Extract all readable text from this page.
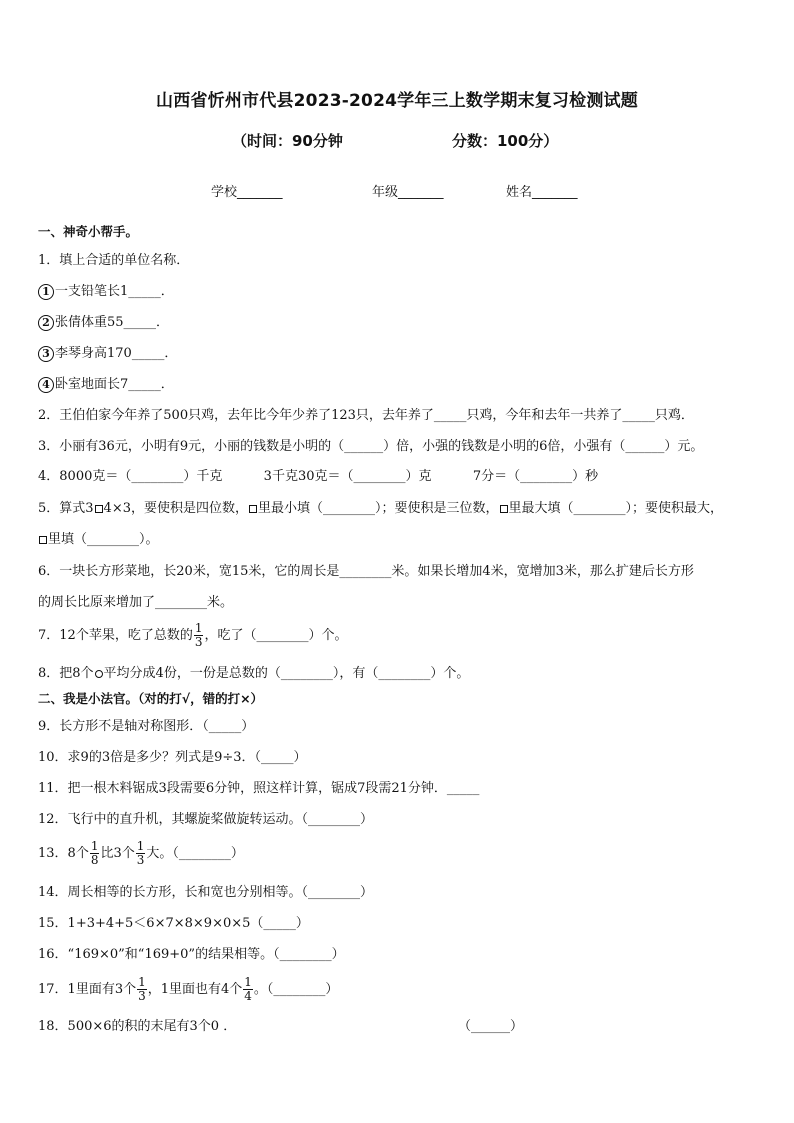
山西省忻州市代县2023-2024学年三上数学期末复习检测试题
（时间：90分钟	分数：100分）
学校_______	年级_______	姓名_______
一、神奇小帮手。
1．填上合适的单位名称．
1 一支铅笔长1_____．
2 张倩体重55_____．
3 李琴身高170_____．
4 卧室地面长7_____．
2．王伯伯家今年养了500只鸡，去年比今年少养了123只，去年养了_____只鸡，今年和去年一共养了_____只鸡．
3．小丽有36元，小明有9元，小丽的钱数是小明的（______）倍，小强的钱数是小明的6倍，小强有（______）元。
4．8000克＝（________）千克          3千克30克＝（________）克          7分＝（________）秒
5．算式3 4×3，要使积是四位数， 里最小填（________）；要使积是三位数， 里最大填（________）；要使积最大，
里填（________）。
6．一块长方形菜地，长20米，宽15米，它的周长是________米。如果长增加4米，宽增加3米，那么扩建后长方形
的周长比原来增加了________米。
7．12个苹果，吃了总数的 $\frac{1}{3}$ ，吃了（________）个。
8．把8个 平均分成4份，一份是总数的（________），有（________）个。
二、我是小法官。（对的打√，错的打×）
9．长方形不是轴对称图形．（_____）
10．求9的3倍是多少？列式是9÷3．（_____）
11．把一根木料锯成3段需要6分钟，照这样计算，锯成7段需21分钟．_____
12．飞行中的直升机，其螺旋桨做旋转运动。（________）
13．8个 $\frac{1}{8}$ 比3个 $\frac{1}{3}$ 大。（________）
14．周长相等的长方形，长和宽也分别相等。（________）
15．1+3+4+5＜6×7×8×9×0×5（_____）
16．“169×0”和“169+0”的结果相等。（________）
17．1里面有3个 $\frac{1}{3}$ ，1里面也有4个 $\frac{1}{4}$ 。（________）
18．500×6的积的末尾有3个0 ．	（______）
